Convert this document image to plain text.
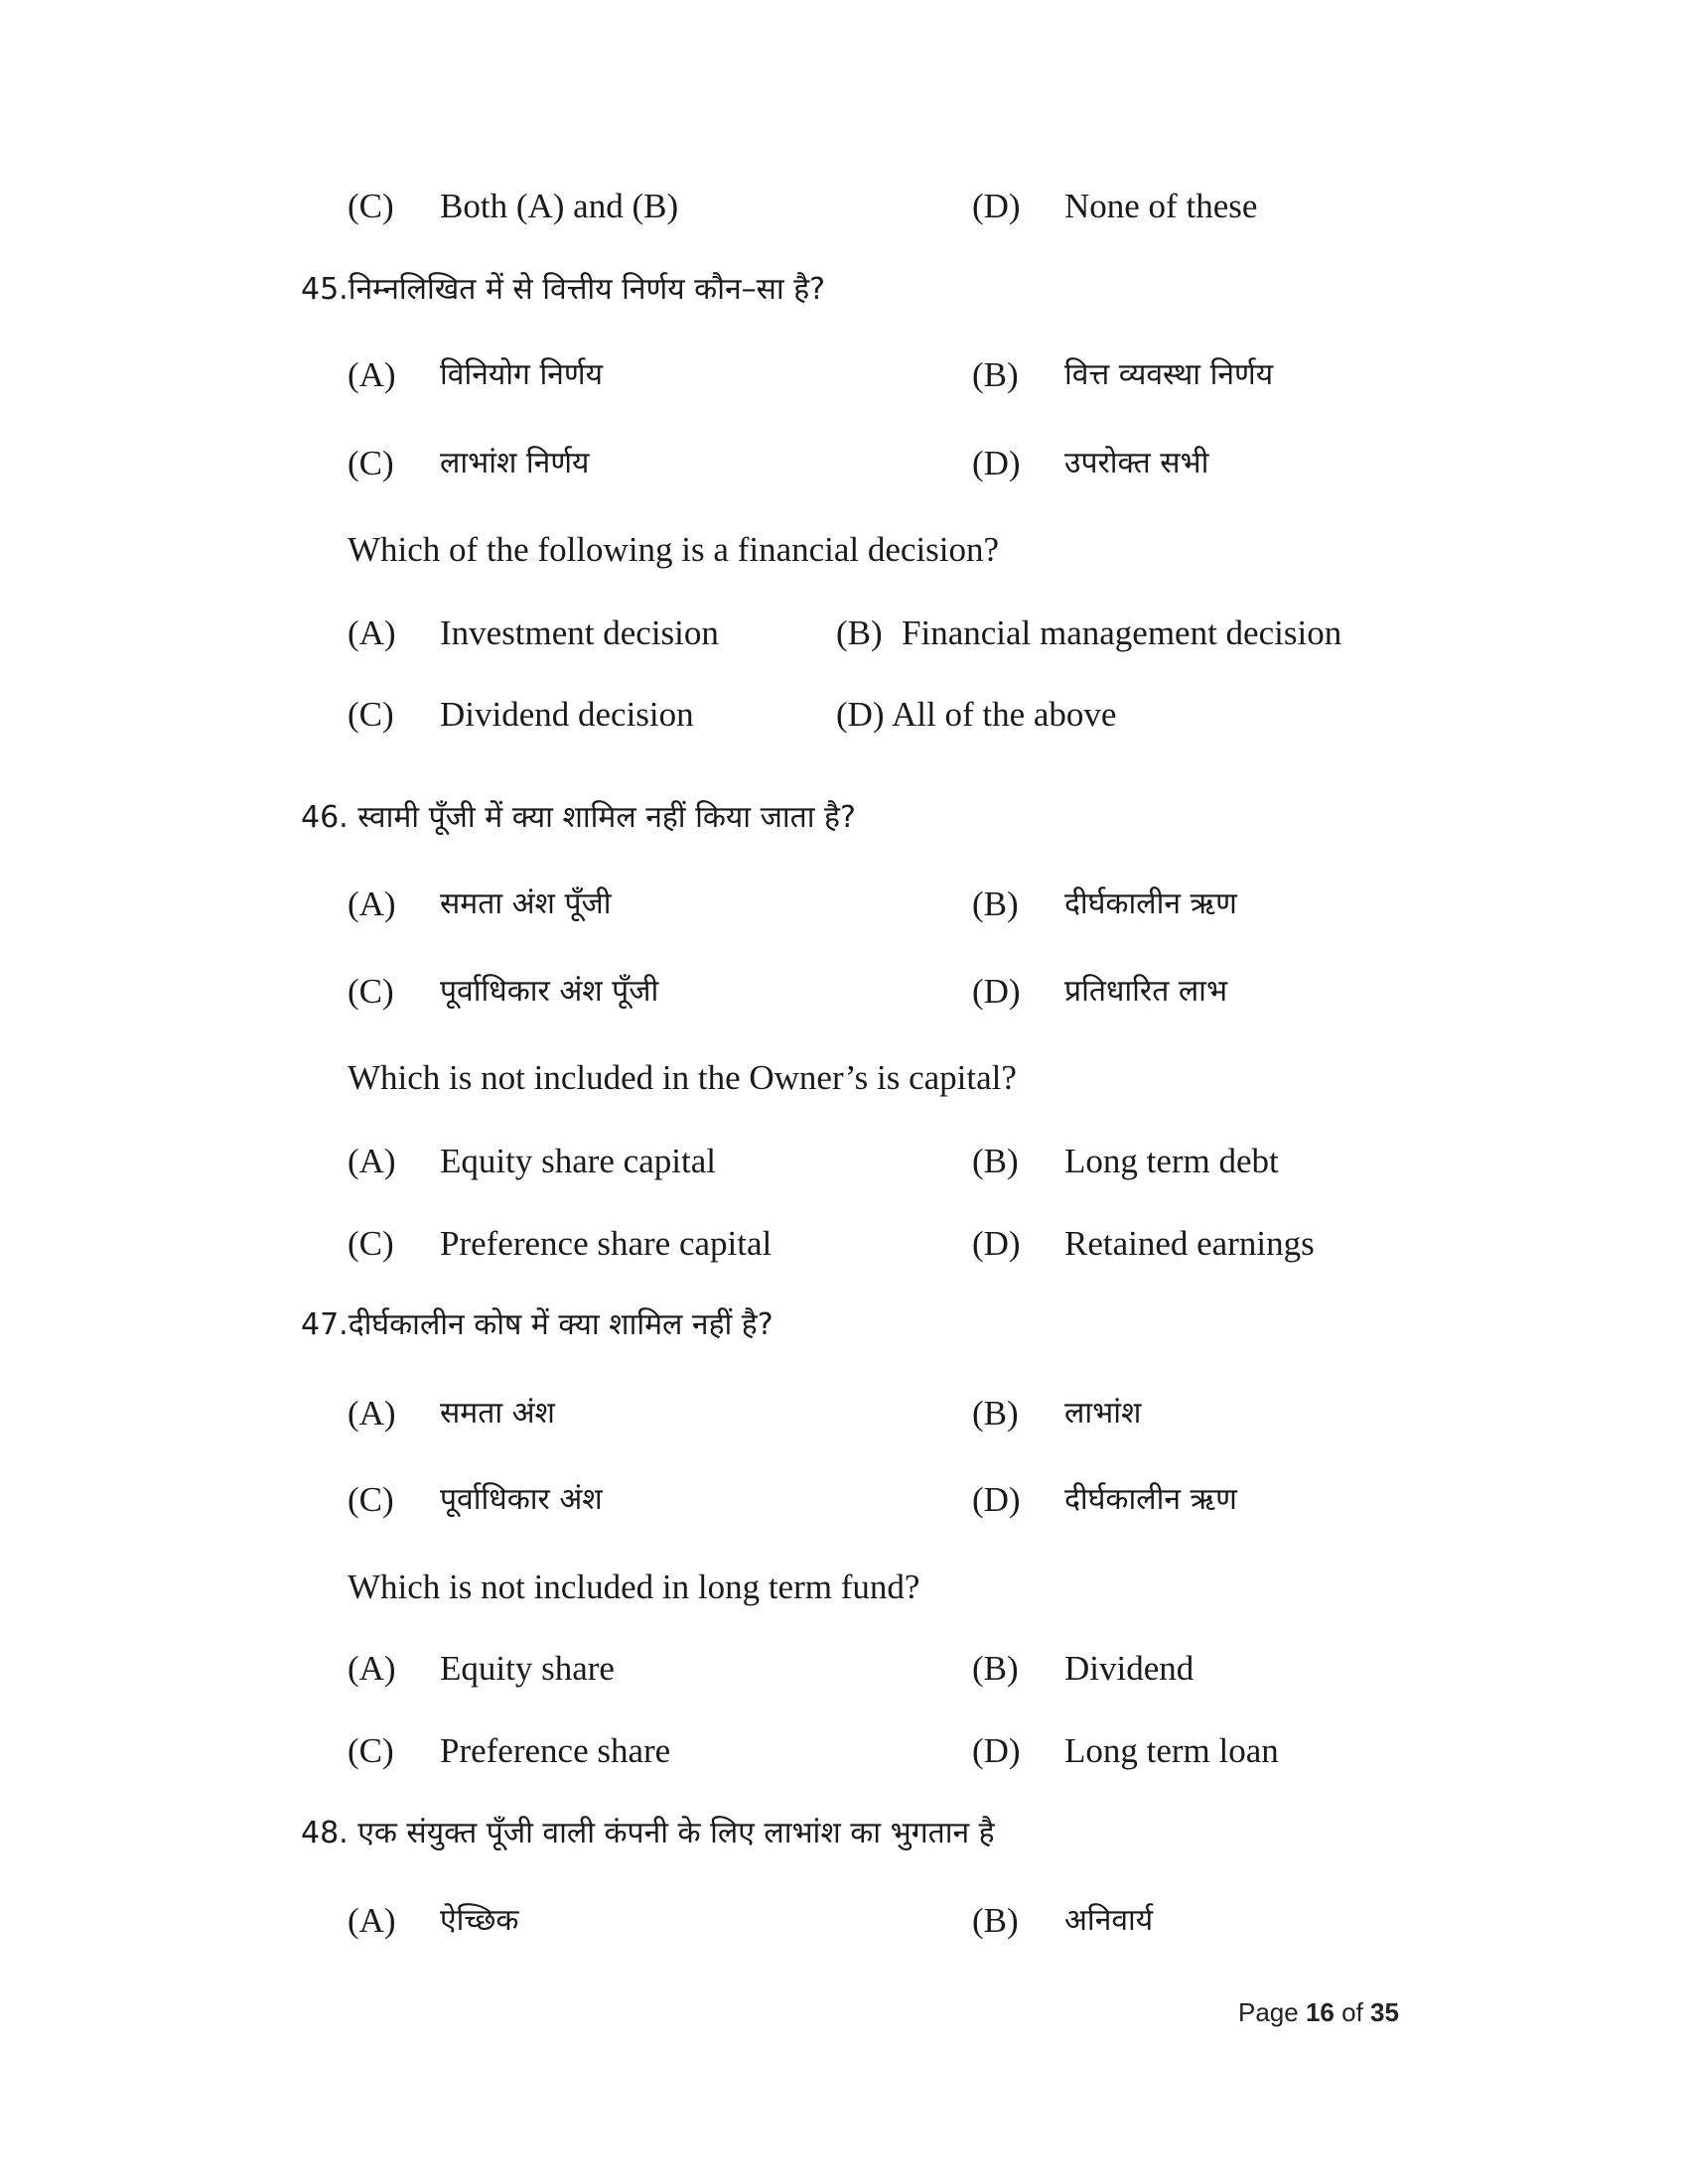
(C) Both (A) and (B)	(D) None of these
45.निम्नलिखित में से वित्तीय निर्णय कौन–सा है?
(A) विनियोग निर्णय	(B) वित्त व्यवस्था निर्णय
(C) लाभांश निर्णय	(D) उपरोक्त सभी
Which of the following is a financial decision?
(A) Investment decision	(B) Financial management decision
(C) Dividend decision	(D) All of the above
46. स्वामी पूँजी में क्या शामिल नहीं किया जाता है?
(A) समता अंश पूँजी	(B) दीर्घकालीन ऋण
(C) पूर्वाधिकार अंश पूँजी	(D) प्रतिधारित लाभ
Which is not included in the Owner’s is capital?
(A) Equity share capital	(B) Long term debt
(C) Preference share capital	(D) Retained earnings
47.दीर्घकालीन कोष में क्या शामिल नहीं है?
(A) समता अंश	(B) लाभांश
(C) पूर्वाधिकार अंश	(D) दीर्घकालीन ऋण
Which is not included in long term fund?
(A) Equity share	(B) Dividend
(C) Preference share	(D) Long term loan
48. एक संयुक्त पूँजी वाली कंपनी के लिए लाभांश का भुगतान है
(A) ऐच्छिक	(B) अनिवार्य
Page 16 of 35
